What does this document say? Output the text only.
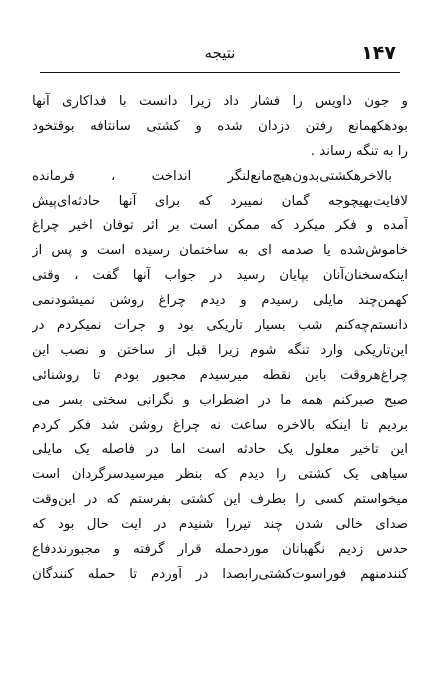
۱۴۷
نتیجه
و جون داویس را فشار داد زیرا دانست با فداکاری آنها
بودهکهمانع رفتن دزدان شده و کشتی سانتافه بوقتخود
را به تنگه رساند .
بالاخرهکشتی‌بدون‌هیچ‌مانع‌لنگر انداخت ، فرمانده
لافایت‌بهیچوجه گمان نمیبرد که برای آنها حادثه‌ای‌پیش
آمده و فکر میکرد که ممکن است بر اثر توفان اخیر چراغ
خاموش‌شده یا صدمه ای به ساختمان رسیده است و پس از
اینکه‌سخنان‌آنان بپایان رسید در جواب آنها گفت ، وقتی
کهمن‌چند مایلی رسیدم و دیدم چراغ روشن نمیشود‌نمی
دانستم‌چه‌کنم شب بسیار تاریکی بود و جرات نمیکردم در
این‌تاریکی وارد تنگه شوم زیرا قبل از ساختن و نصب این
چراغ‌هروقت باین نقطه میرسیدم مجبور بودم تا روشنائی
صبح صبرکنم همه ما در اضطراب و نگرانی سختی بسر می
بردیم تا اینکه بالاخره ساعت نه چراغ روشن شد فکر کردم
این تاخیر معلول یک حادثه است اما در فاصله یک مایلی
سیاهی یک کشتی را دیدم که بنظر میرسید‌سرگردان است
میخواستم کسی را بطرف این کشتی بفرستم که در این‌وقت
صدای خالی شدن چند تیررا شنیدم در ایت حال بود که
حدس زدیم نگهبانان موردحمله قرار گرفته و مجبورنددفاع
کنندمنهم فوراسوت‌کشتی‌رابصدا در آوردم تا حمله کنندگان
